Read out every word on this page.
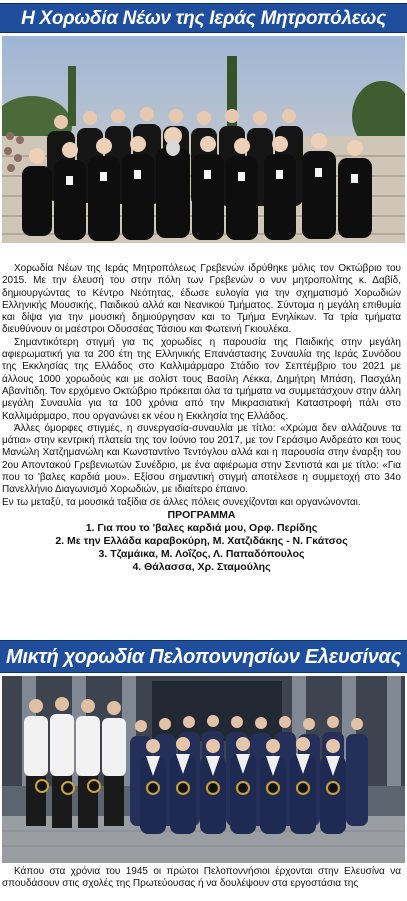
Η Χορωδία Νέων της Ιεράς Μητροπόλεως

Χορωδία Νέων της Ιεράς Μητροπόλεως Γρεβενών ιδρύθηκε μόλις τον Οκτώβριο του 2015. Με την έλευσή του στην πόλη των Γρεβενών ο νυν μητροπολίτης κ. Δαβίδ, δημιουργώντας το Κέντρο Νεότητας, έδωσε ευλογία για την σχηματισμό Χορωδιών Ελληνικής Μουσικής, Παιδικού αλλά και Νεανικού Τμήματος. Σύντομα η μεγάλη επιθυμία και δίψα για την μουσική δημιούργησαν και το Τμήμα Ενηλίκων. Τα τρία τμήματα διευθύνουν οι μαέστροι Οδυσσέας Τάσιου και Φωτεινή Γκιουλέκα.

Σημαντικότερη στιγμή για τις χορωδίες η παρουσία της Παιδικής στην μεγάλη αφιερωματική για τα 200 έτη της Ελληνικής Επανάστασης Συναυλία της Ιεράς Συνόδου της Εκκλησίας της Ελλάδος στο Καλλιμάρμαρο Στάδιο τον Σεπτέμβριο του 2021 με άλλους 1000 χορωδούς και με σολίστ τους Βασίλη Λέκκα, Δημήτρη Μπάση, Πασχάλη Αβανίτιδη. Τον ερχόμενο Οκτώβριο πρόκειται όλα τα τμήματα να συμμετάσχουν στην άλλη μεγάλη Συναυλία για τα 100 χρόνια από την Μικρασιατική Καταστροφή πάλι στο Καλλιμάρμαρο, που οργανώνει εκ νέου η Εκκλησία της Ελλάδος.

Άλλες όμορφες στιγμές, η συνεργασία-συναυλία με τίτλο: «Χρώμα δεν αλλάζουνε τα μάτια» στην κεντρική πλατεία της τον Ιούνιο του 2017, με τον Γεράσιμο Ανδρεάτο και τους Μανώλη Χατζημανώλη και Κωνσταντίνο Τεντόγλου αλλά και η παρουσία στην έναρξη του 2ου Αποντακού Γρεβενιωτών Συνέδριο, με ένα αφιέρωμα στην Σεντιστά και με τίτλο: «Για που το 'βαλες καρδιά μου». Εξίσου σημαντική στιγμή αποτέλεσε η συμμετοχή στο 34ο Πανελλήνιο Διαγωνισμό Χορωδιών, με ιδιαίτερο έπαινο.

Εν τω μεταξύ, τα μουσικά ταξίδια σε άλλες πόλεις συνεχίζονται και οργανώνονται.

ΠΡΟΓΡΑΜΜΑ
1. Για που το 'βαλες καρδιά μου, Ορφ. Περίδης
2. Με την Ελλάδα καραβοκύρη, Μ. Χατζιδάκης - Ν. Γκάτσος
3. Τζαμάικα, Μ. Λοΐζος, Λ. Παπαδόπουλος
4. Θάλασσα, Χρ. Σταμούλης
Μικτή χορωδία Πελοποννησίων Ελευσίνας

Κάπου στα χρόνια του 1945 οι πρώτοι Πελοποννήσιοι έρχονται στην Ελευσίνα να σπουδάσουν στις σχολές της Πρωτεύουσας ή να δουλέψουν στα εργοστάσια της
